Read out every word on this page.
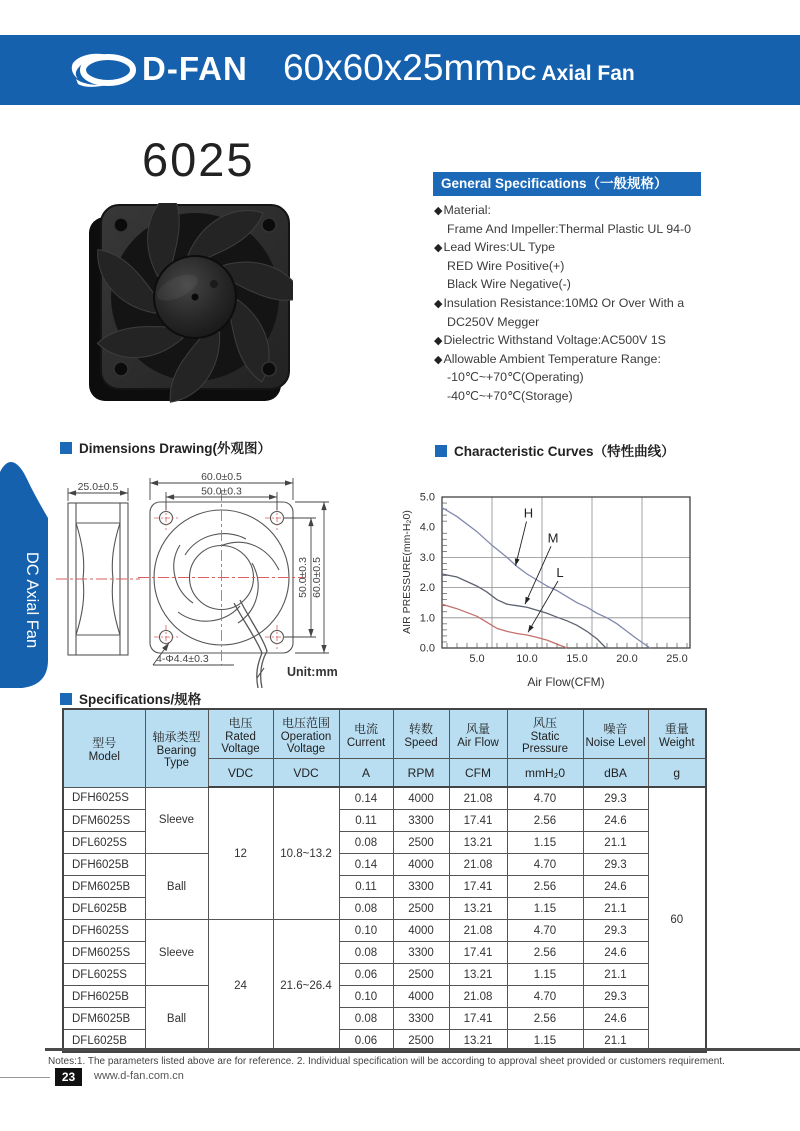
D-FAN 60x60x25mm DC Axial Fan
DC Axial Fan
6025	General Specifications（一般规格）
◆Material:
Frame And Impeller:Thermal Plastic UL 94-0
◆Lead Wires:UL Type
RED Wire Positive(+)
Black Wire Negative(-)
◆Insulation Resistance:10MΩ Or Over With a
DC250V Megger
◆Dielectric Withstand Voltage:AC500V 1S
◆Allowable Ambient Temperature Range:
-10℃~+70℃(Operating)
-40℃~+70℃(Storage)
Dimensions Drawing(外观图）	Characteristic Curves（特性曲线）
Specifications/规格
25.0±0.5
60.0±0.5
50.0±0.3
50.0±0.3 60.0±0.5
4-Φ4.4±0.3
Unit:mm
0.0
1.0
2.0
3.0
4.0
5.0
5.0	10.0	15.0	20.0	25.0
H
M
L
AIR PRESSURE(mm-H₂0)
Air Flow(CFM)
型号
Model

轴承类型
Bearing Type

电压
Rated Voltage

电压范围
Operation Voltage

电流
Current

转数
Speed

风量
Air Flow

风压
Static Pressure

噪音
Noise Level

重量
Weight

		VDC	VDC	A	RPM	CFM	mmH₂0	dBA	g
DFH6025S	Sleeve	12	10.8~13.2	0.14	4000	21.08	4.70	29.3	60
DFM6025S				0.11	3300	17.41	2.56	24.6	
DFL6025S				0.08	2500	13.21	1.15	21.1	
DFH6025B	Ball			0.14	4000	21.08	4.70	29.3	
DFM6025B				0.11	3300	17.41	2.56	24.6	
DFL6025B				0.08	2500	13.21	1.15	21.1	
DFH6025S	Sleeve	24	21.6~26.4	0.10	4000	21.08	4.70	29.3	
DFM6025S				0.08	3300	17.41	2.56	24.6	
DFL6025S				0.06	2500	13.21	1.15	21.1	
DFH6025B	Ball			0.10	4000	21.08	4.70	29.3	
DFM6025B				0.08	3300	17.41	2.56	24.6	
DFL6025B				0.06	2500	13.21	1.15	21.1	
Notes:1. The parameters listed above are for reference. 2. Individual specification will be according to approval sheet provided or customers requirement.
23	www.d-fan.com.cn
